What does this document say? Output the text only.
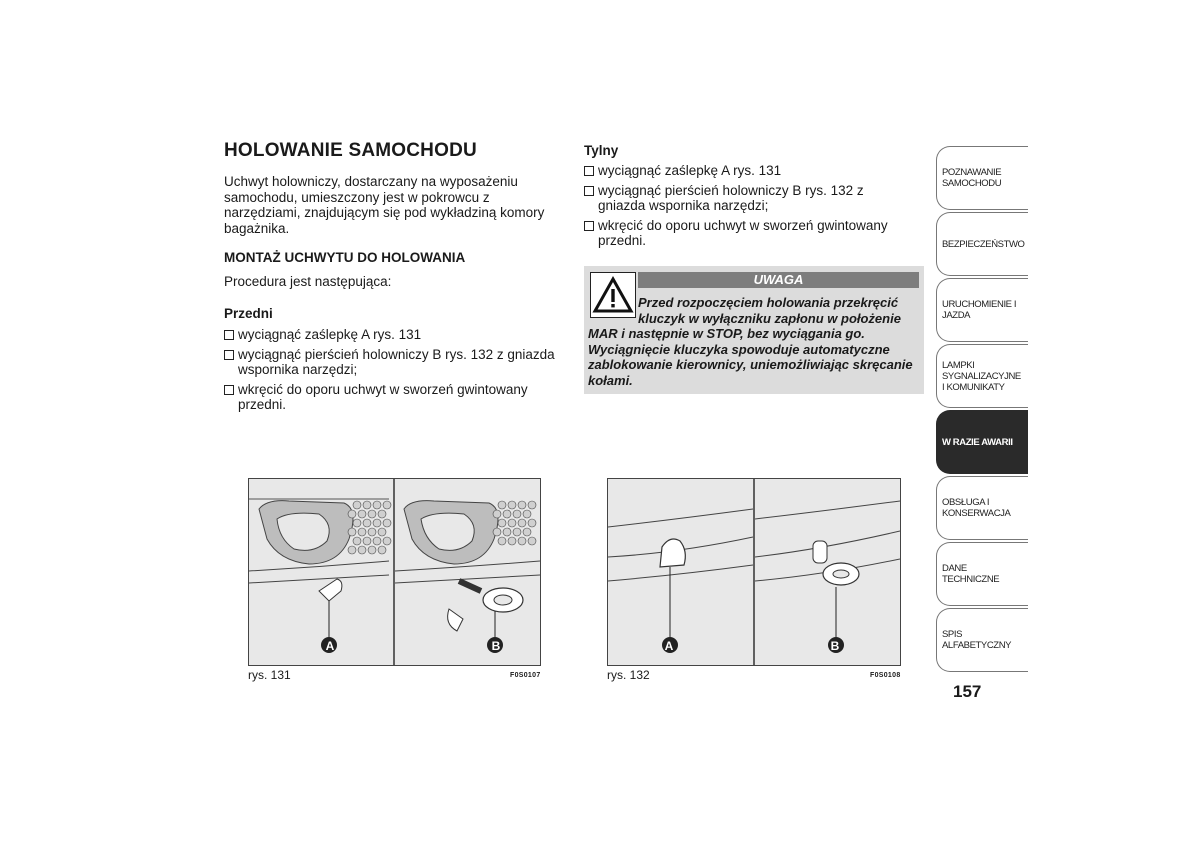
HOLOWANIE SAMOCHODU
Uchwyt holowniczy, dostarczany na wyposażeniu samochodu, umieszczony jest w pokrowcu z narzędziami, znajdującym się pod wykładziną komory bagażnika.
MONTAŻ UCHWYTU DO HOLOWANIA
Procedura jest następująca:
Przedni
wyciągnąć zaślepkę A rys. 131
wyciągnąć pierścień holowniczy B rys. 132 z gniazda wspornika narzędzi;
wkręcić do oporu uchwyt w sworzeń gwintowany przedni.
Tylny
wyciągnąć zaślepkę A rys. 131
wyciągnąć pierścień holowniczy B rys. 132 z gniazda wspornika narzędzi;
wkręcić do oporu uchwyt w sworzeń gwintowany przedni.
UWAGA
Przed rozpoczęciem holowania przekręcić
kluczyk w wyłączniku zapłonu w położenie
MAR i następnie w STOP, bez wyciągania go. Wyciągnięcie kluczyka spowoduje automatyczne zablokowanie kierownicy, uniemożliwiając skręcanie kołami.
A	B
rys. 131	F0S0107
A	B
rys. 132	F0S0108
POZNAWANIE SAMOCHODU
BEZPIECZEŃSTWO
URUCHOMIENIE I JAZDA
LAMPKI SYGNALIZACYJNE I KOMUNIKATY
W RAZIE AWARII
OBSŁUGA I KONSERWACJA
DANE TECHNICZNE
SPIS ALFABETYCZNY
157
